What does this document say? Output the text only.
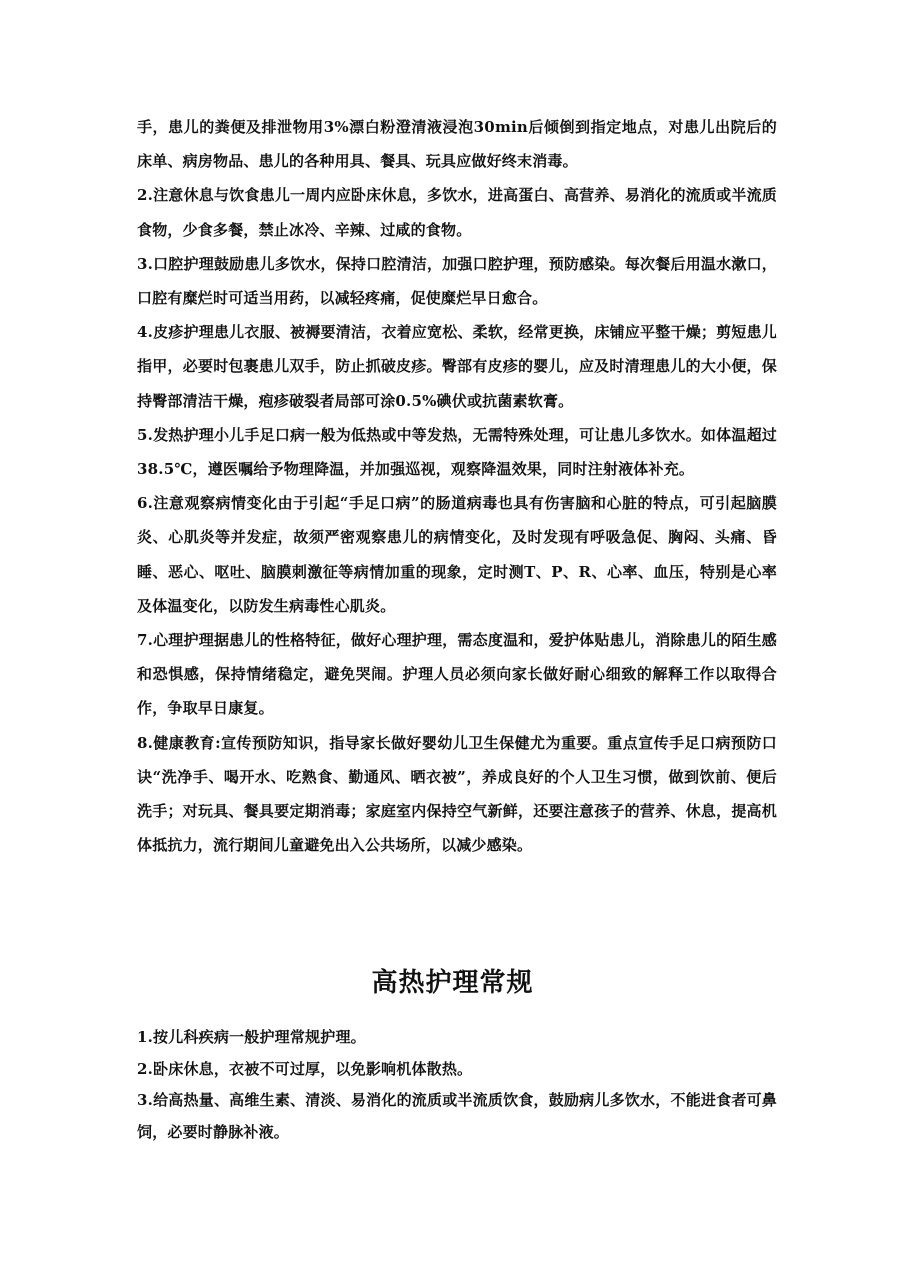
手，患儿的粪便及排泄物用3%漂白粉澄清液浸泡30min后倾倒到指定地点，对患儿出院后的床单、病房物品、患儿的各种用具、餐具、玩具应做好终末消毒。

2.注意休息与饮食患儿一周内应卧床休息，多饮水，进高蛋白、高营养、易消化的流质或半流质食物，少食多餐，禁止冰冷、辛辣、过咸的食物。

3.口腔护理鼓励患儿多饮水，保持口腔清洁，加强口腔护理，预防感染。每次餐后用温水漱口，口腔有糜烂时可适当用药，以减轻疼痛，促使糜烂早日愈合。

4.皮疹护理患儿衣服、被褥要清洁，衣着应宽松、柔软，经常更换，床铺应平整干燥；剪短患儿指甲，必要时包裹患儿双手，防止抓破皮疹。臀部有皮疹的婴儿，应及时清理患儿的大小便，保持臀部清洁干燥，疱疹破裂者局部可涂0.5%碘伏或抗菌素软膏。

5.发热护理小儿手足口病一般为低热或中等发热，无需特殊处理，可让患儿多饮水。如体温超过38.5℃，遵医嘱给予物理降温，并加强巡视，观察降温效果，同时注射液体补充。

6.注意观察病情变化由于引起“手足口病”的肠道病毒也具有伤害脑和心脏的特点，可引起脑膜炎、心肌炎等并发症，故须严密观察患儿的病情变化，及时发现有呼吸急促、胸闷、头痛、昏睡、恶心、呕吐、脑膜刺激征等病情加重的现象，定时测T、P、R、心率、血压，特别是心率及体温变化，以防发生病毒性心肌炎。

7.心理护理据患儿的性格特征，做好心理护理，需态度温和，爱护体贴患儿，消除患儿的陌生感和恐惧感，保持情绪稳定，避免哭闹。护理人员必须向家长做好耐心细致的解释工作以取得合作，争取早日康复。

8.健康教育:宣传预防知识，指导家长做好婴幼儿卫生保健尤为重要。重点宣传手足口病预防口诀“洗净手、喝开水、吃熟食、勤通风、晒衣被”，养成良好的个人卫生习惯，做到饮前、便后洗手；对玩具、餐具要定期消毒；家庭室内保持空气新鲜，还要注意孩子的营养、休息，提高机体抵抗力，流行期间儿童避免出入公共场所，以减少感染。

高热护理常规

1.按儿科疾病一般护理常规护理。

2.卧床休息，衣被不可过厚，以免影响机体散热。

3.给高热量、高维生素、清淡、易消化的流质或半流质饮食，鼓励病儿多饮水，不能进食者可鼻饲，必要时静脉补液。
